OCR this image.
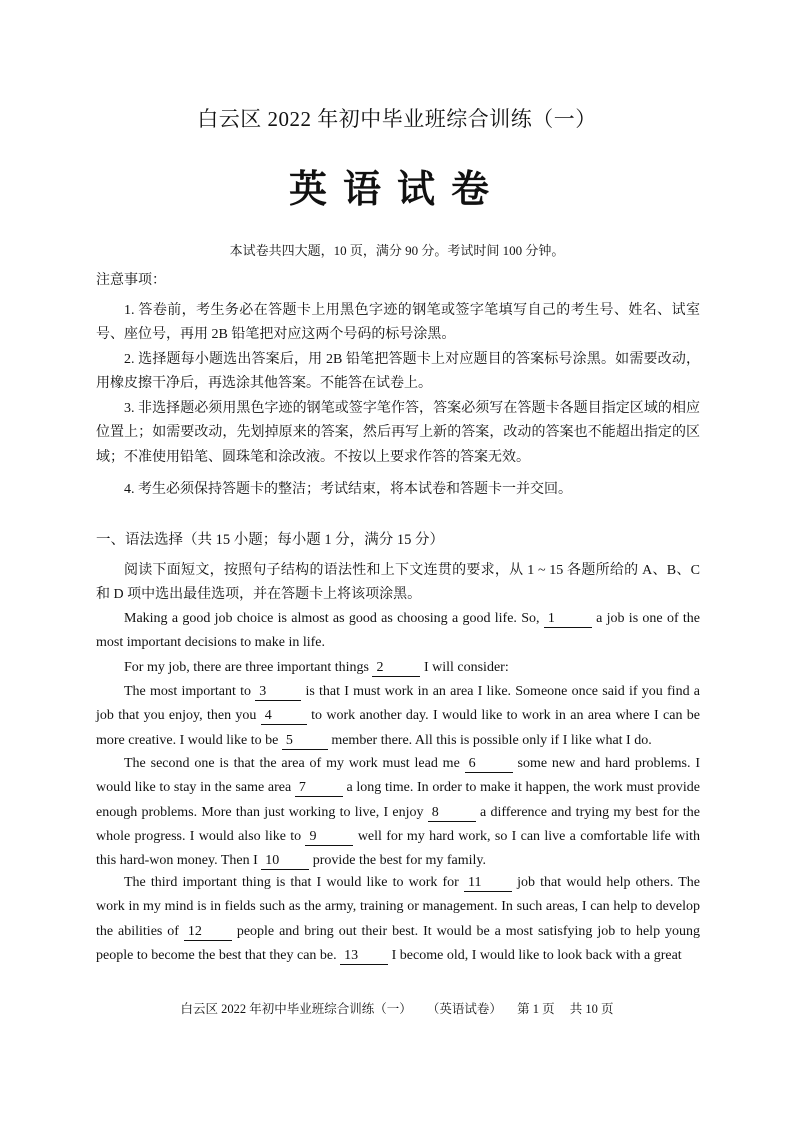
白云区 2022 年初中毕业班综合训练（一）
英语试卷
本试卷共四大题，10 页，满分 90 分。考试时间 100 分钟。
注意事项：
1. 答卷前，考生务必在答题卡上用黑色字迹的钢笔或签字笔填写自己的考生号、姓名、试室号、座位号，再用 2B 铅笔把对应这两个号码的标号涂黑。
2. 选择题每小题选出答案后，用 2B 铅笔把答题卡上对应题目的答案标号涂黑。如需要改动，用橡皮擦干净后，再选涂其他答案。不能答在试卷上。
3. 非选择题必须用黑色字迹的钢笔或签字笔作答，答案必须写在答题卡各题目指定区域的相应位置上；如需要改动，先划掉原来的答案，然后再写上新的答案，改动的答案也不能超出指定的区域；不准使用铅笔、圆珠笔和涂改液。不按以上要求作答的答案无效。
4. 考生必须保持答题卡的整洁；考试结束，将本试卷和答题卡一并交回。
一、语法选择（共 15 小题；每小题 1 分，满分 15 分）
阅读下面短文，按照句子结构的语法性和上下文连贯的要求，从 1 ~ 15 各题所给的 A、B、C 和 D 项中选出最佳选项，并在答题卡上将该项涂黑。
Making a good job choice is almost as good as choosing a good life. So, 1	a job is one of the most important decisions to make in life.
For my job, there are three important things 2	I will consider:
The most important to 3	is that I must work in an area I like. Someone once said if you find a job that you enjoy, then you 4	to work another day. I would like to work in an area where I can be more creative. I would like to be 5	member there. All this is possible only if I like what I do.
The second one is that the area of my work must lead me 6	some new and hard problems. I would like to stay in the same area 7	a long time. In order to make it happen, the work must provide enough problems. More than just working to live, I enjoy 8	a difference and trying my best for the whole progress. I would also like to 9	well for my hard work, so I can live a comfortable life with this hard-won money. Then I 10 provide the best for my family.
The third important thing is that I would like to work for 11	job that would help others. The work in my mind is in fields such as the army, training or management. In such areas, I can help to develop the abilities of 12 people and bring out their best. It would be a most satisfying job to help young people to become the best that they can be. 13 I become old, I would like to look back with a great
白云区 2022 年初中毕业班综合训练（一） （英语试卷） 第 1 页 共 10 页
